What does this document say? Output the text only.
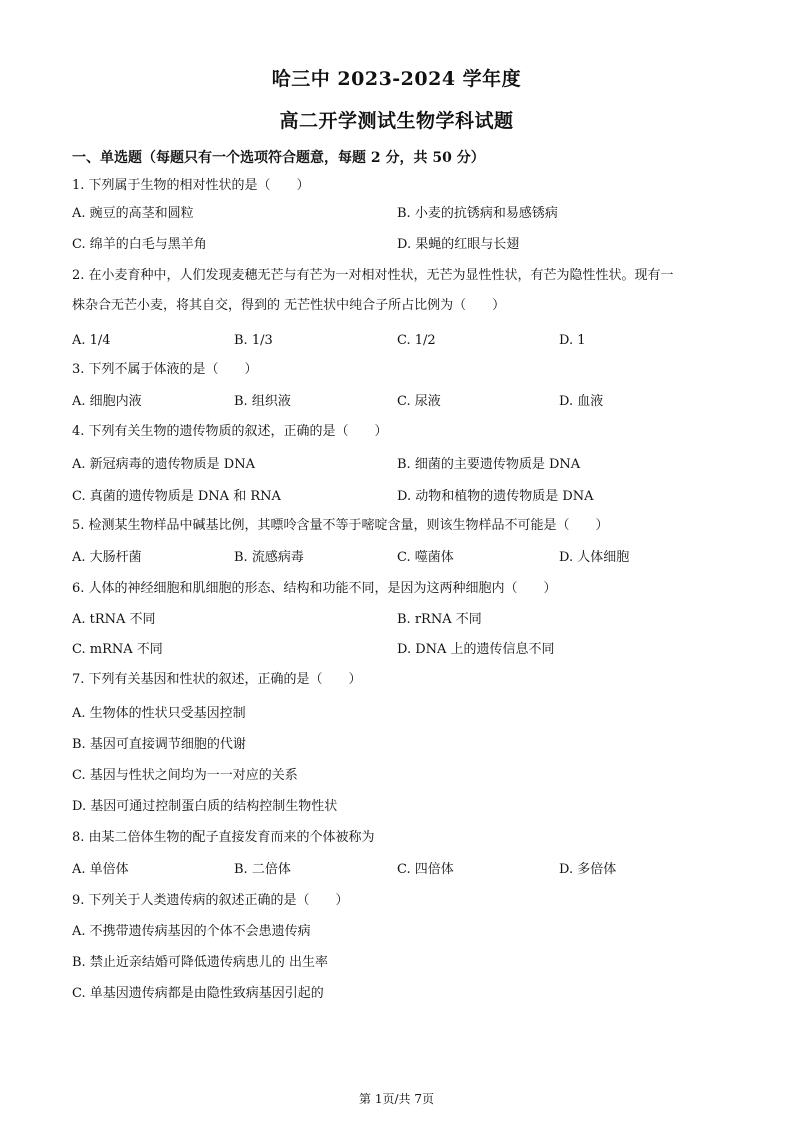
哈三中 2023-2024 学年度
高二开学测试生物学科试题
一、单选题（每题只有一个选项符合题意，每题 2 分，共 50 分）
1. 下列属于生物的相对性状的是（　　）
A. 豌豆的高茎和圆粒	B. 小麦的抗锈病和易感锈病
C. 绵羊的白毛与黑羊角	D. 果蝇的红眼与长翅
2. 在小麦育种中，人们发现麦穗无芒与有芒为一对相对性状，无芒为显性性状，有芒为隐性性状。现有一
株杂合无芒小麦，将其自交，得到的 无芒性状中纯合子所占比例为（　　）
A. 1/4	B. 1/3	C. 1/2	D. 1
3. 下列不属于体液的是（　　）
A. 细胞内液	B. 组织液	C. 尿液	D. 血液
4. 下列有关生物的遗传物质的叙述，正确的是（　　）
A. 新冠病毒的遗传物质是 DNA	B. 细菌的主要遗传物质是 DNA
C. 真菌的遗传物质是 DNA 和 RNA	D. 动物和植物的遗传物质是 DNA
5. 检测某生物样品中碱基比例，其嘌呤含量不等于嘧啶含量，则该生物样品不可能是（　　）
A. 大肠杆菌	B. 流感病毒	C. 噬菌体	D. 人体细胞
6. 人体的神经细胞和肌细胞的形态、结构和功能不同，是因为这两种细胞内（　　）
A. tRNA 不同	B. rRNA 不同
C. mRNA 不同	D. DNA 上的遗传信息不同
7. 下列有关基因和性状的叙述，正确的是（　　）
A. 生物体的性状只受基因控制
B. 基因可直接调节细胞的代谢
C. 基因与性状之间均为一一对应的关系
D. 基因可通过控制蛋白质的结构控制生物性状
8. 由某二倍体生物的配子直接发育而来的个体被称为
A. 单倍体	B. 二倍体	C. 四倍体	D. 多倍体
9. 下列关于人类遗传病的叙述正确的是（　　）
A. 不携带遗传病基因的个体不会患遗传病
B. 禁止近亲结婚可降低遗传病患儿的 出生率
C. 单基因遗传病都是由隐性致病基因引起的
第 1页/共 7页
